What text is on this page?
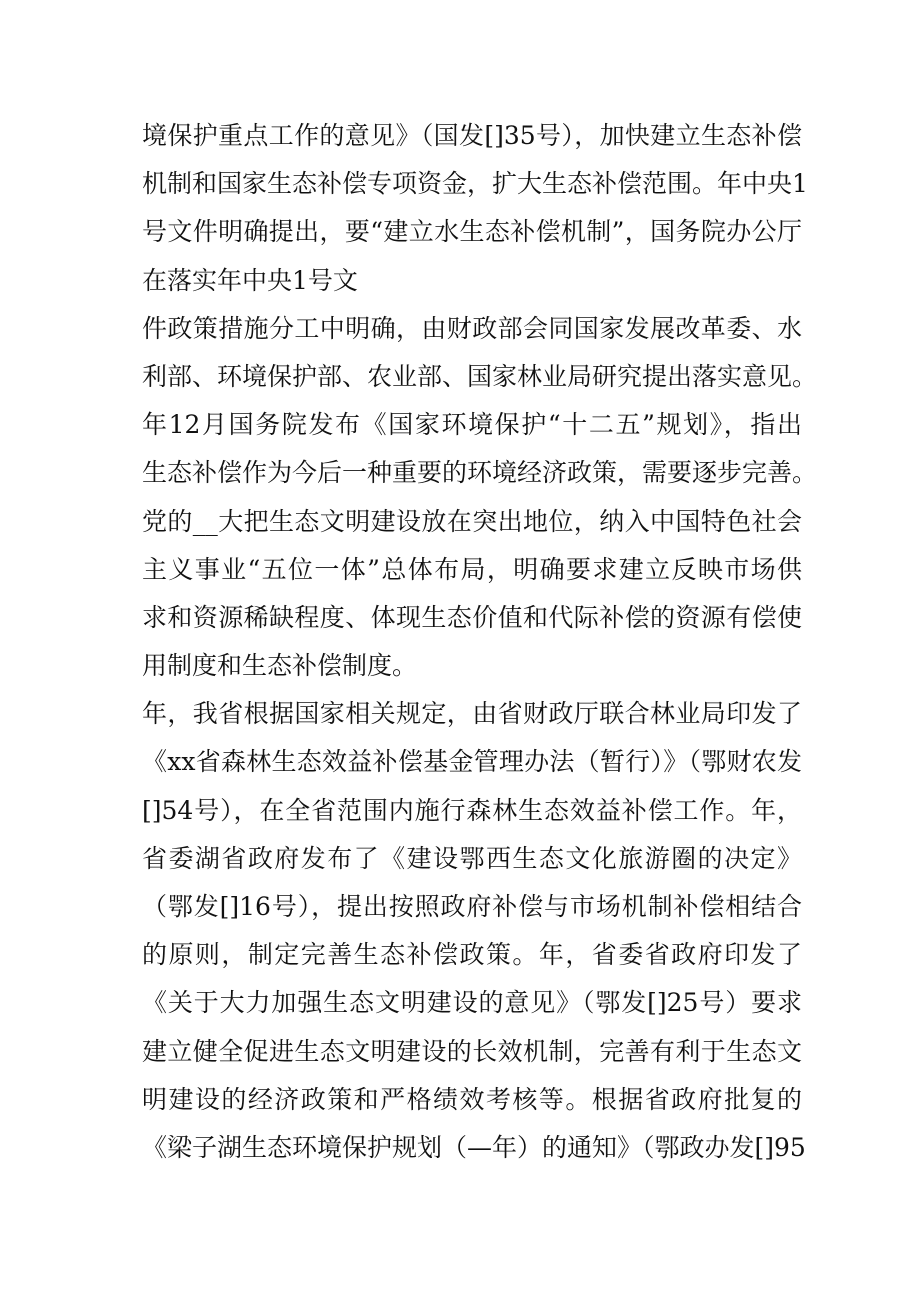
境保护重点工作的意见》（国发[]35号），加快建立生态补偿
机制和国家生态补偿专项资金，扩大生态补偿范围。年中央1
号文件明确提出，要“建立水生态补偿机制”，国务院办公厅
在落实年中央1号文
件政策措施分工中明确，由财政部会同国家发展改革委、水
利部、环境保护部、农业部、国家林业局研究提出落实意见。
年12月国务院发布《国家环境保护“十二五”规划》，指出
生态补偿作为今后一种重要的环境经济政策，需要逐步完善。
党的__大把生态文明建设放在突出地位，纳入中国特色社会
主义事业“五位一体”总体布局，明确要求建立反映市场供
求和资源稀缺程度、体现生态价值和代际补偿的资源有偿使
用制度和生态补偿制度。
年，我省根据国家相关规定，由省财政厅联合林业局印发了
《xx省森林生态效益补偿基金管理办法（暂行）》（鄂财农发
[]54号），在全省范围内施行森林生态效益补偿工作。年，
省委湖省政府发布了《建设鄂西生态文化旅游圈的决定》
（鄂发[]16号），提出按照政府补偿与市场机制补偿相结合
的原则，制定完善生态补偿政策。年，省委省政府印发了
《关于大力加强生态文明建设的意见》（鄂发[]25号）要求
建立健全促进生态文明建设的长效机制，完善有利于生态文
明建设的经济政策和严格绩效考核等。根据省政府批复的
《梁子湖生态环境保护规划（—年）的通知》（鄂政办发[]95
